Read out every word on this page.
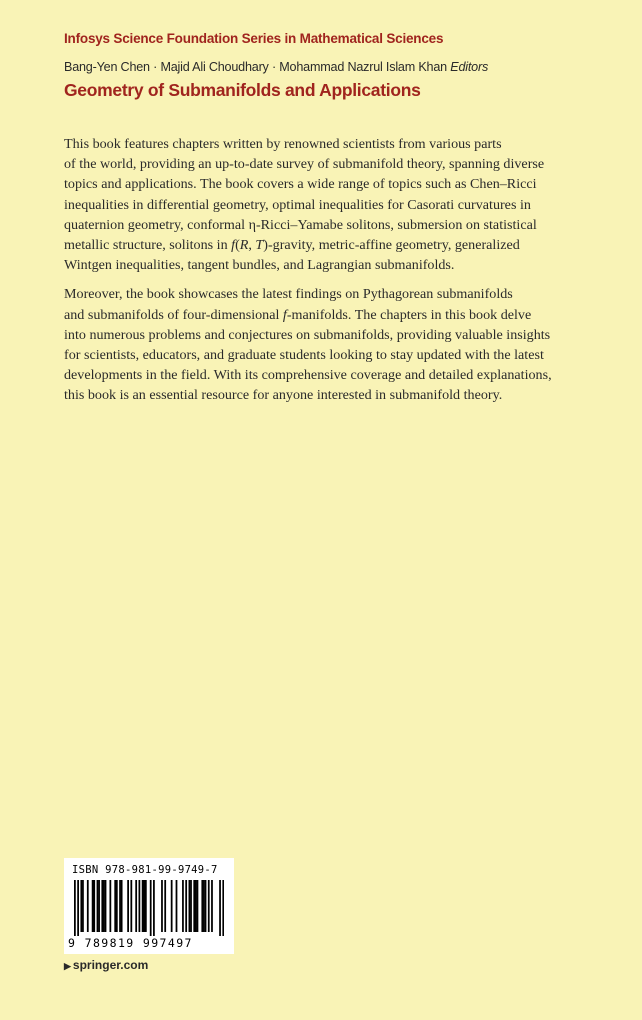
Infosys Science Foundation Series in Mathematical Sciences
Bang-Yen Chen · Majid Ali Choudhary · Mohammad Nazrul Islam Khan Editors
Geometry of Submanifolds and Applications

This book features chapters written by renowned scientists from various parts
of the world, providing an up-to-date survey of submanifold theory, spanning diverse
topics and applications. The book covers a wide range of topics such as Chen–Ricci
inequalities in differential geometry, optimal inequalities for Casorati curvatures in
quaternion geometry, conformal η-Ricci–Yamabe solitons, submersion on statistical
metallic structure, solitons in f(R, T)-gravity, metric-affine geometry, generalized
Wintgen inequalities, tangent bundles, and Lagrangian submanifolds.

Moreover, the book showcases the latest findings on Pythagorean submanifolds
and submanifolds of four-dimensional f-manifolds. The chapters in this book delve
into numerous problems and conjectures on submanifolds, providing valuable insights
for scientists, educators, and graduate students looking to stay updated with the latest
developments in the field. With its comprehensive coverage and detailed explanations,
this book is an essential resource for anyone interested in submanifold theory.

ISBN 978-981-99-9749-7
9 789819 997497
▶ springer.com
